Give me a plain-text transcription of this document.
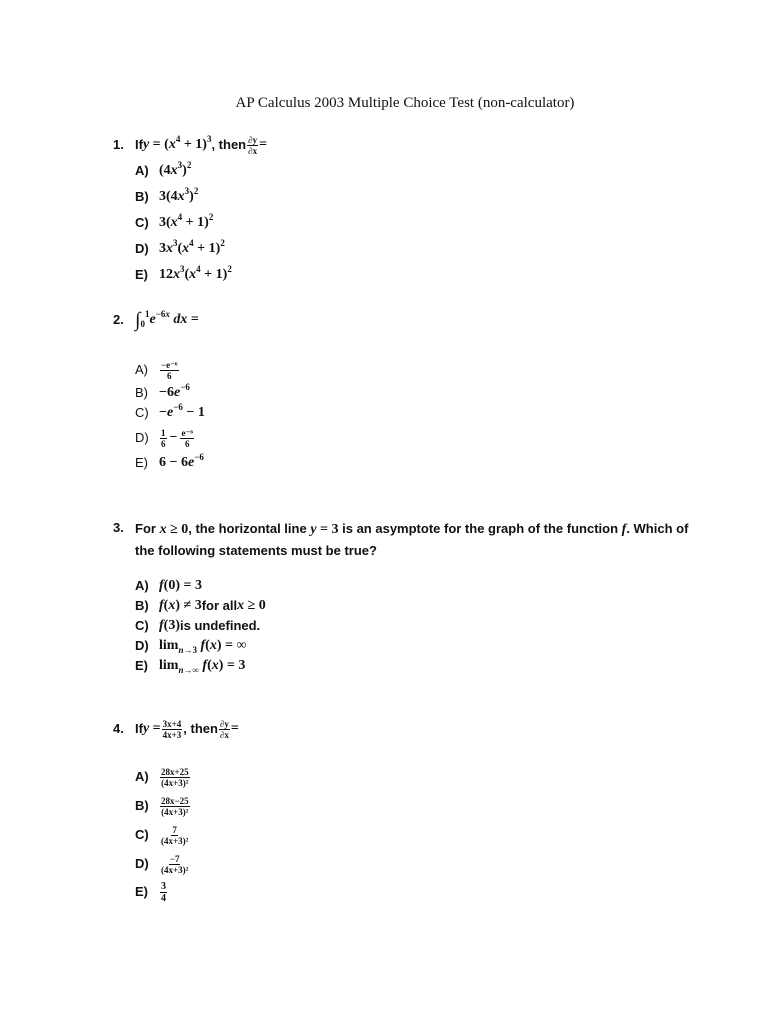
AP Calculus 2003 Multiple Choice Test (non-calculator)
1. If $y = (x^4 + 1)^3$ , then $\frac{\partial y}{\partial x}$ =
A) $(4x^3)^2$
B) $3(4x^3)^2$
C) $3(x^4 + 1)^2$
D) $3x^3(x^4 + 1)^2$
E) $12x^3(x^4 + 1)^2$
2. $\int_0^1e^{-6x}$ dx =
A)	$\frac{\text{−e⁻⁶}}{6}$
$B) -6e^{-6}$
$C) -e^{-6} - 1$
D)	$\frac{1}{6} - \frac{\text{e⁻⁶}}{6}$
E) $6 - 6e^{-6}$
3. For x ≥ 0, the horizontal line y = 3 is an asymptote for the graph of the function f. Which of the following statements must be true?
A) f(0) = 3
B) f(x) ≠ 3 for all x ≥ 0
C) f(3) is undefined.
D) $\lim_{n\to 3} f(x)$ = ∞
E) $\lim_{n\to\infty} f(x) = 3$
4. If $y = \frac{3x+4}{4x+3}$ , then $\frac{\partial y}{\partial x}$ =
A)	$\frac{28x+25}{\text{(4x+3)²}}$
B)	$\frac{28x-25}{\text{(4x+3)²}}$
C)	$\frac{7}{\text{(4x+3)²}}$
D)	$\frac{-7}{\text{(4x+3)²}}$
E)	$\frac{3}{4}$
